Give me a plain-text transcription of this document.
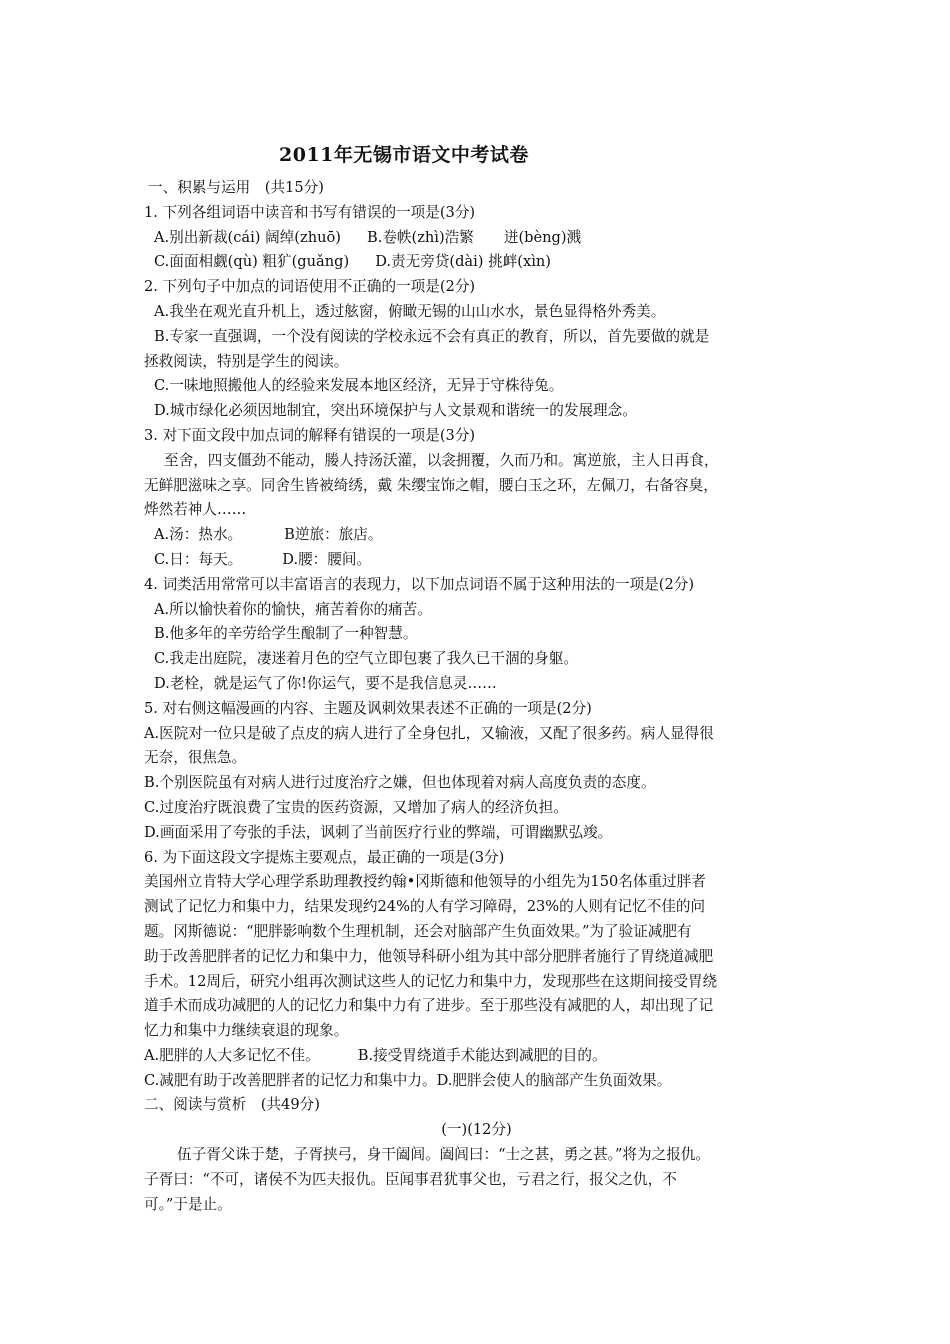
2011年无锡市语文中考试卷

一、积累与运用　(共15分)

1. 下列各组词语中读音和书写有错误的一项是(3分)

A.别出新裁(cái) 阔绰(zhuō) B.卷帙(zhì)浩繁 迸(bèng)溅

C.面面相觑(qù) 粗犷(guǎng) D.责无旁贷(dài) 挑衅(xìn)

2. 下列句子中加点的词语使用不正确的一项是(2分)

A.我坐在观光直升机上，透过舷窗，俯瞰无锡的山山水水，景色显得格外秀美。

B.专家一直强调，一个没有阅读的学校永远不会有真正的教育，所以，首先要做的就是

拯救阅读，特别是学生的阅读。

C.一味地照搬他人的经验来发展本地区经济，无异于守株待兔。

D.城市绿化必须因地制宜，突出环境保护与人文景观和谐统一的发展理念。

3. 对下面文段中加点词的解释有错误的一项是(3分)

至舍，四支僵劲不能动，媵人持汤沃灌，以衾拥覆，久而乃和。寓逆旅，主人日再食，

无鲜肥滋味之享。同舍生皆被绮绣，戴 朱缨宝饰之帽，腰白玉之环，左佩刀，右备容臭，

烨然若神人……

A.汤：热水。	B逆旅：旅店。

C.日：每天。	D.腰：腰间。

4. 词类活用常常可以丰富语言的表现力，以下加点词语不属于这种用法的一项是(2分)

A.所以愉快着你的愉快，痛苦着你的痛苦。

B.他多年的辛劳给学生酿制了一种智慧。

C.我走出庭院，凄迷着月色的空气立即包裹了我久已干涸的身躯。

D.老栓，就是运气了你!你运气，要不是我信息灵……

5. 对右侧这幅漫画的内容、主题及讽刺效果表述不正确的一项是(2分)

A.医院对一位只是破了点皮的病人进行了全身包扎，又输液，又配了很多药。病人显得很

无奈，很焦急。

B.个别医院虽有对病人进行过度治疗之嫌，但也体现着对病人高度负责的态度。

C.过度治疗既浪费了宝贵的医药资源，又增加了病人的经济负担。

D.画面采用了夸张的手法，讽刺了当前医疗行业的弊端，可谓幽默弘竣。

6. 为下面这段文字提炼主要观点，最正确的一项是(3分)

美国州立肯特大学心理学系助理教授约翰•冈斯德和他领导的小组先为150名体重过胖者

测试了记忆力和集中力，结果发现约24%的人有学习障碍，23%的人则有记忆不佳的问

题。冈斯德说：“肥胖影响数个生理机制，还会对脑部产生负面效果。”为了验证减肥有

助于改善肥胖者的记忆力和集中力，他领导科研小组为其中部分肥胖者施行了胃绕道减肥

手术。12周后，研究小组再次测试这些人的记忆力和集中力，发现那些在这期间接受胃绕

道手术而成功减肥的人的记忆力和集中力有了进步。至于那些没有减肥的人，却出现了记

忆力和集中力继续衰退的现象。

A.肥胖的人大多记忆不佳。	B.接受胃绕道手术能达到减肥的目的。

C.减肥有助于改善肥胖者的记忆力和集中力。D.肥胖会使人的脑部产生负面效果。

二、阅读与赏析　(共49分)

(一)(12分)

伍子胥父诛于楚，子胥挟弓，身干阖闾。阖闾曰：“士之甚，勇之甚。”将为之报仇。

子胥曰：“不可，诸侯不为匹夫报仇。臣闻事君犹事父也，亏君之行，报父之仇，不

可。”于是止。
